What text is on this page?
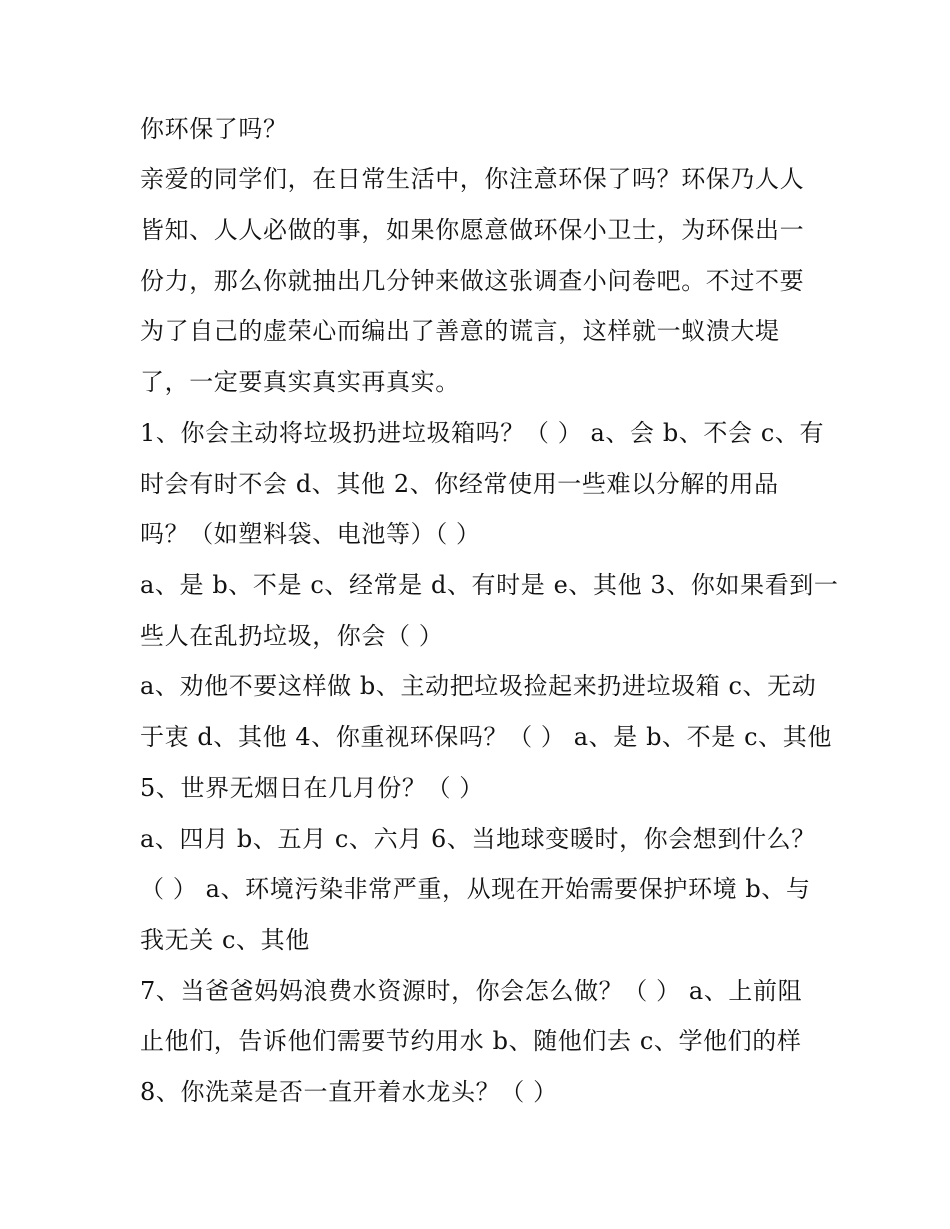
你环保了吗？
亲爱的同学们，在日常生活中，你注意环保了吗？环保乃人人
皆知、人人必做的事，如果你愿意做环保小卫士，为环保出一
份力，那么你就抽出几分钟来做这张调查小问卷吧。不过不要
为了自己的虚荣心而编出了善意的谎言，这样就一蚁溃大堤
了，一定要真实真实再真实。
1、你会主动将垃圾扔进垃圾箱吗？（ ） a、会 b、不会 c、有
时会有时不会 d、其他 2、你经常使用一些难以分解的用品
吗？（如塑料袋、电池等）（ ）
a、是 b、不是 c、经常是 d、有时是 e、其他 3、你如果看到一
些人在乱扔垃圾，你会（ ）
a、劝他不要这样做 b、主动把垃圾捡起来扔进垃圾箱 c、无动
于衷 d、其他 4、你重视环保吗？（ ） a、是 b、不是 c、其他
5、世界无烟日在几月份？（ ）
a、四月 b、五月 c、六月 6、当地球变暖时，你会想到什么？
（ ） a、环境污染非常严重，从现在开始需要保护环境 b、与
我无关 c、其他
7、当爸爸妈妈浪费水资源时，你会怎么做？（ ） a、上前阻
止他们，告诉他们需要节约用水 b、随他们去 c、学他们的样
8、你洗菜是否一直开着水龙头？（ ）
